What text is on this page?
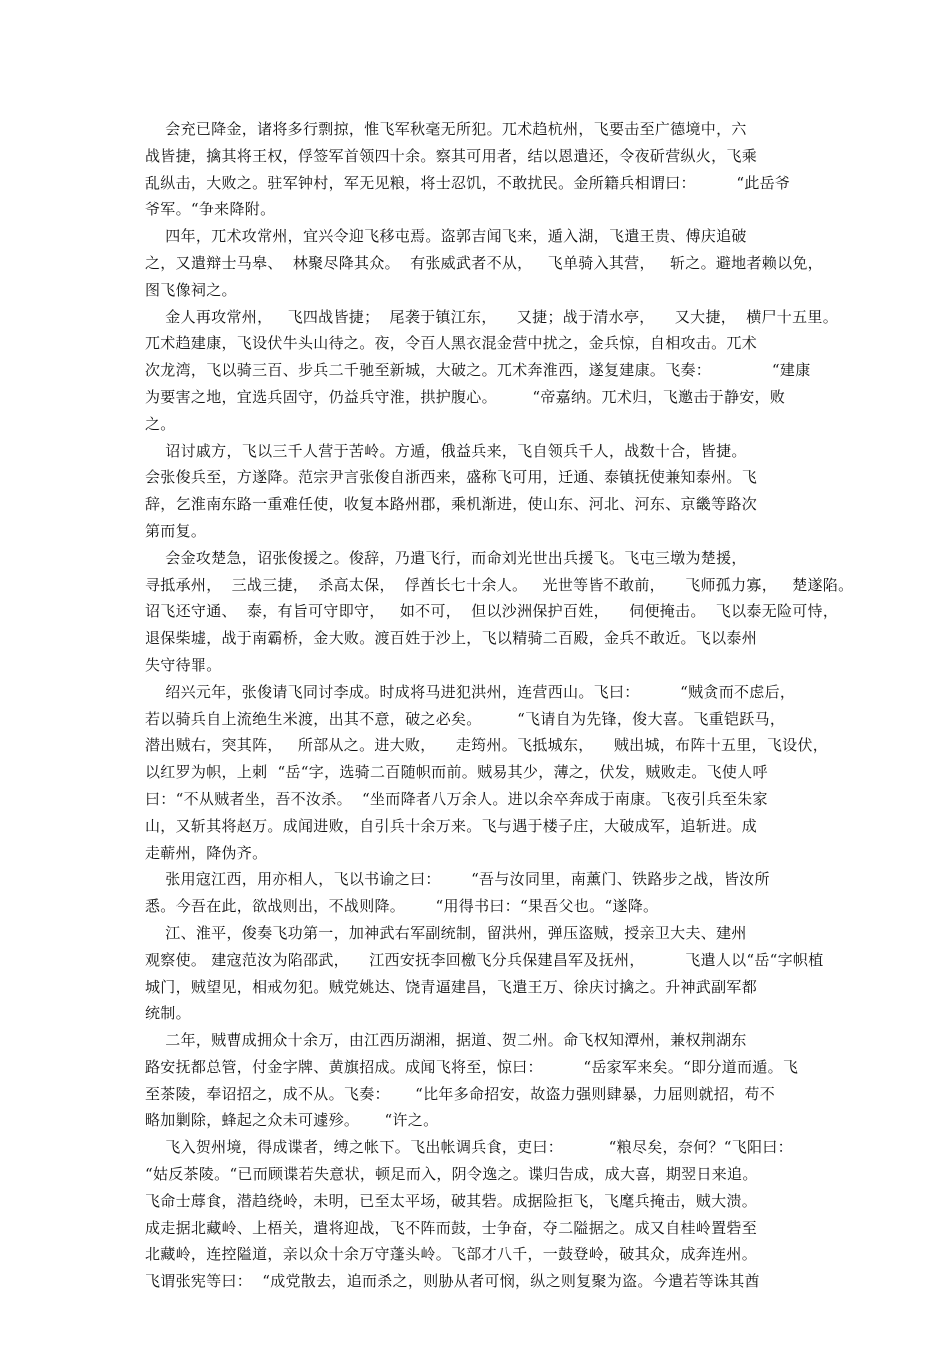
会充已降金，诸将多行剽掠，惟飞军秋毫无所犯。兀术趋杭州，飞要击至广德境中，六
战皆捷，擒其将王权，俘签军首领四十余。察其可用者，结以恩遣还，令夜斫营纵火，飞乘
乱纵击，大败之。驻军钟村，军无见粮，将士忍饥，不敢扰民。金所籍兵相谓曰：        “此岳爷
爷军。“争来降附。
四年，兀术攻常州，宜兴令迎飞移屯焉。盗郭吉闻飞来，遁入湖，飞遣王贵、傅庆追破
之，又遣辩士马皋、  林聚尽降其众。  有张威武者不从，   飞单骑入其营，   斩之。避地者赖以免，
图飞像祠之。
金人再攻常州，   飞四战皆捷；  尾袭于镇江东，    又捷；战于清水亭，    又大捷，  横尸十五里。
兀术趋建康，飞设伏牛头山待之。夜，令百人黑衣混金营中扰之，金兵惊，自相攻击。兀术
次龙湾，飞以骑三百、步兵二千驰至新城，大破之。兀术奔淮西，遂复建康。飞奏：            “建康
为要害之地，宜选兵固守，仍益兵守淮，拱护腹心。       “帝嘉纳。兀术归，飞邀击于静安，败
之。
诏讨戚方，飞以三千人营于苦岭。方遁，俄益兵来，飞自领兵千人，战数十合，皆捷。
会张俊兵至，方遂降。范宗尹言张俊自浙西来，盛称飞可用，迁通、泰镇抚使兼知泰州。飞
辞，乞淮南东路一重难任使，收复本路州郡，乘机渐进，使山东、河北、河东、京畿等路次
第而复。
会金攻楚急，诏张俊援之。俊辞，乃遣飞行，而命刘光世出兵援飞。飞屯三墩为楚援，
寻抵承州，  三战三捷，  杀高太保，  俘酋长七十余人。   光世等皆不敢前，    飞师孤力寡，   楚遂陷。
诏飞还守通、  泰，有旨可守即守，   如不可，  但以沙洲保护百姓，    伺便掩击。  飞以泰无险可恃，
退保柴墟，战于南霸桥，金大败。渡百姓于沙上，飞以精骑二百殿，金兵不敢近。飞以泰州
失守待罪。
绍兴元年，张俊请飞同讨李成。时成将马进犯洪州，连营西山。飞曰：        “贼贪而不虑后，
若以骑兵自上流绝生米渡，出其不意，破之必矣。       “飞请自为先锋，俊大喜。飞重铠跃马，
潜出贼右，突其阵，   所部从之。进大败，    走筠州。飞抵城东，    贼出城，布阵十五里，飞设伏，
以红罗为帜，上刺  “岳“字，选骑二百随帜而前。贼易其少，薄之，伏发，贼败走。飞使人呼
曰：“不从贼者坐，吾不汝杀。  “坐而降者八万余人。进以余卒奔成于南康。飞夜引兵至朱家
山，又斩其将赵万。成闻进败，自引兵十余万来。飞与遇于楼子庄，大破成军，追斩进。成
走蕲州，降伪齐。
张用寇江西，用亦相人，飞以书谕之曰：      “吾与汝同里，南薰门、铁路步之战，皆汝所
悉。今吾在此，欲战则出，不战则降。      “用得书曰：“果吾父也。“遂降。
江、淮平，俊奏飞功第一，加神武右军副统制，留洪州，弹压盗贼，授亲卫大夫、建州
观察使。 建寇范汝为陷邵武，    江西安抚李回檄飞分兵保建昌军及抚州，        飞遣人以“岳“字帜植
城门，贼望见，相戒勿犯。贼党姚达、饶青逼建昌，飞遣王万、徐庆讨擒之。升神武副军都
统制。
二年，贼曹成拥众十余万，由江西历湖湘，据道、贺二州。命飞权知潭州，兼权荆湖东
路安抚都总管，付金字牌、黄旗招成。成闻飞将至，惊曰：        “岳家军来矣。“即分道而遁。飞
至茶陵，奉诏招之，成不从。飞奏：     “比年多命招安，故盗力强则肆暴，力屈则就招，苟不
略加剿除，蜂起之众未可遽殄。     “许之。
飞入贺州境，得成谍者，缚之帐下。飞出帐调兵食，吏曰：         “粮尽矣，奈何？“飞阳曰：
“姑反茶陵。“已而顾谍若失意状，顿足而入，阴令逸之。谍归告成，成大喜，期翌日来追。
飞命士蓐食，潜趋绕岭，未明，已至太平场，破其砦。成据险拒飞，飞麾兵掩击，贼大溃。
成走据北藏岭、上梧关，遣将迎战，飞不阵而鼓，士争奋，夺二隘据之。成又自桂岭置砦至
北藏岭，连控隘道，亲以众十余万守蓬头岭。飞部才八千，一鼓登岭，破其众，成奔连州。
飞谓张宪等曰：  “成党散去，追而杀之，则胁从者可悯，纵之则复聚为盗。今遣若等诛其酋
